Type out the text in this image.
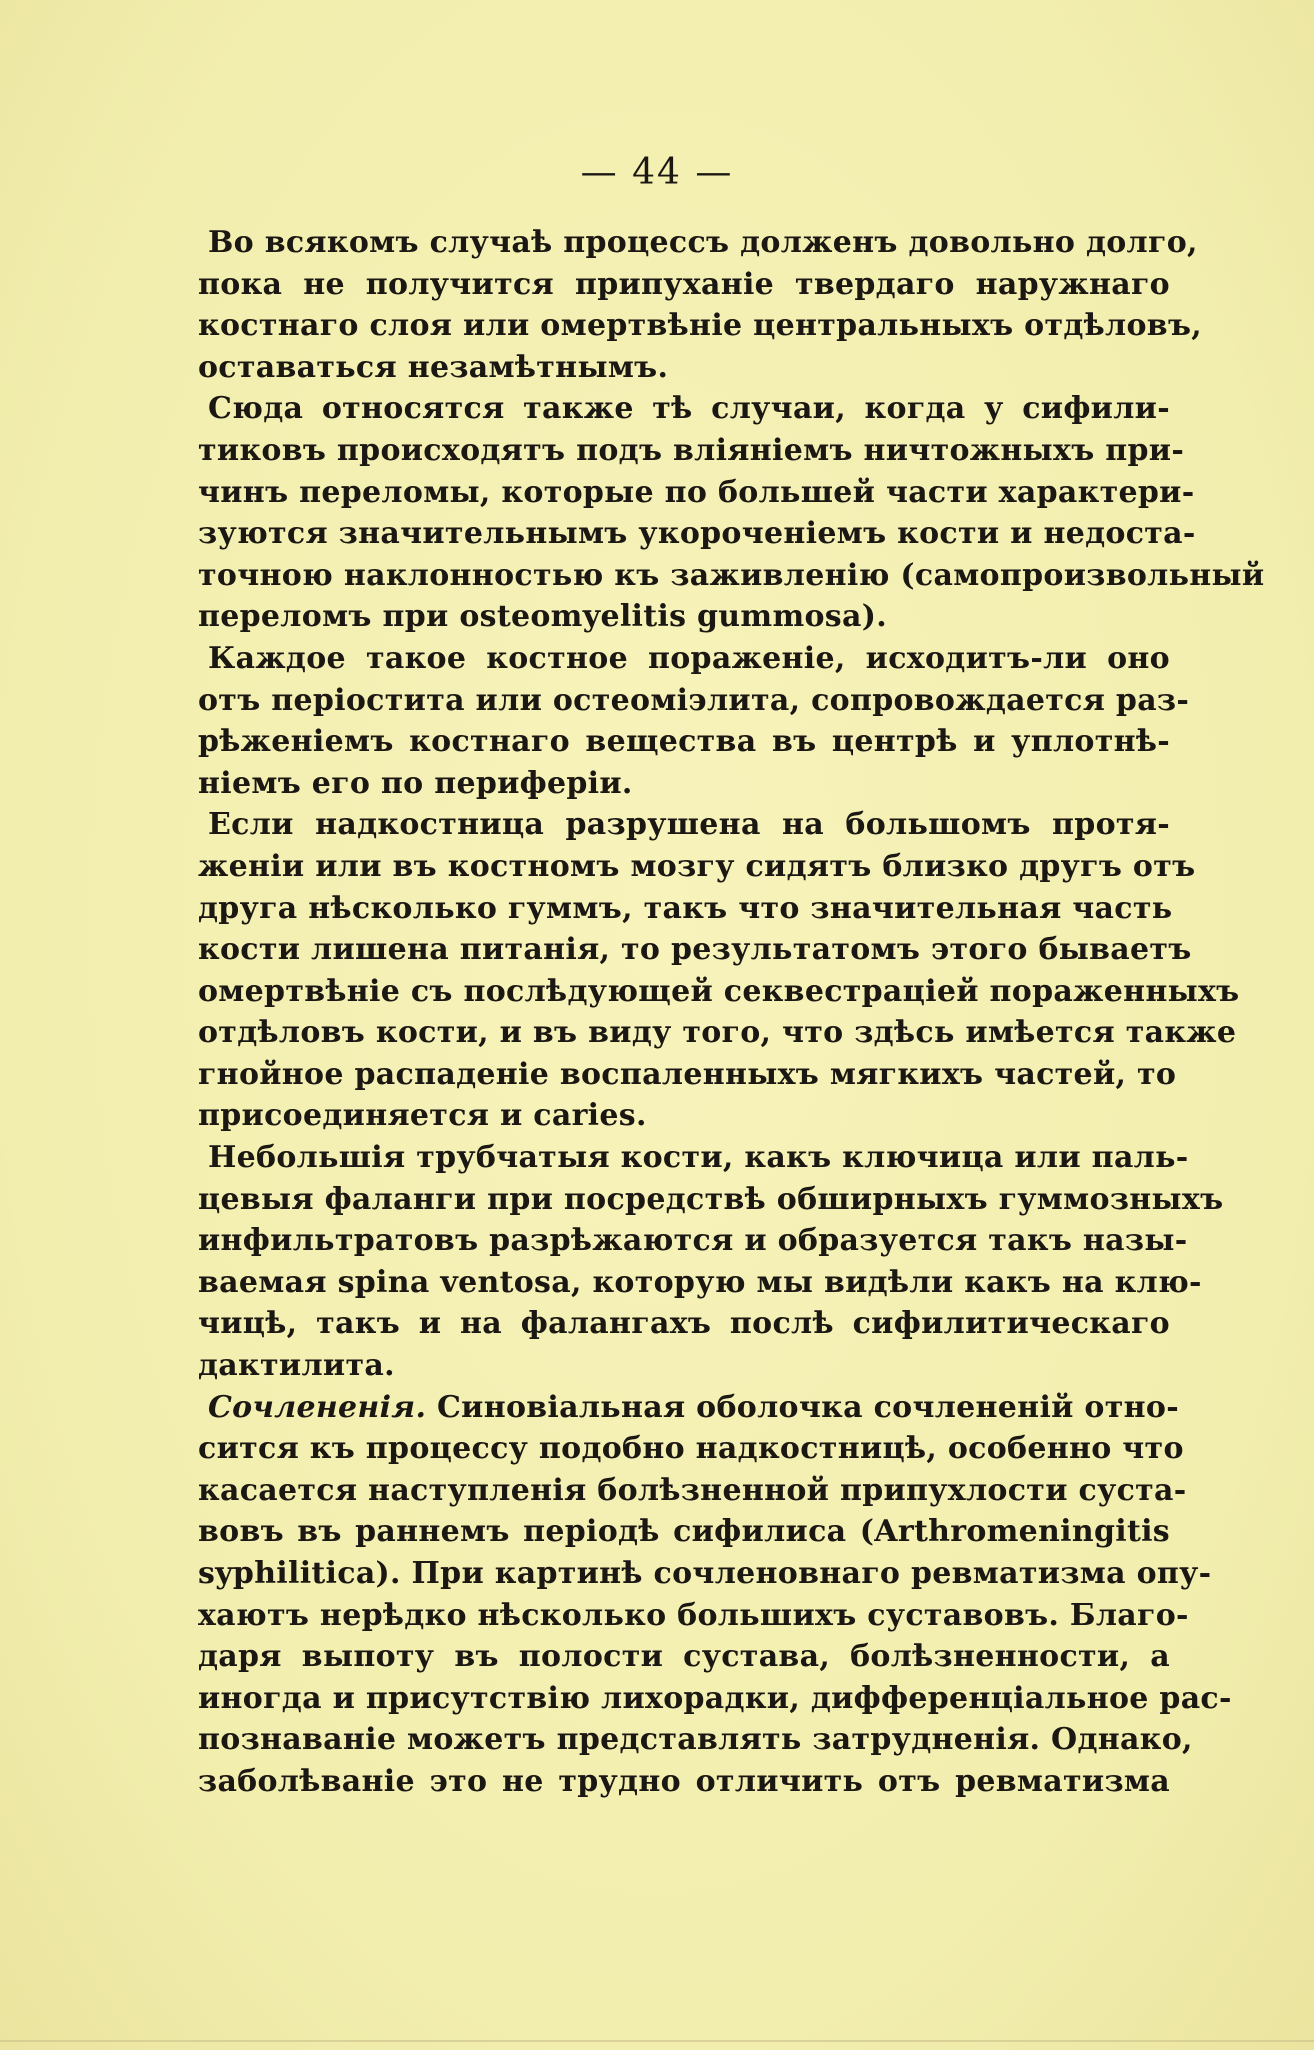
— 44 —
Во всякомъ случаѣ процессъ долженъ довольно долго,
пока не получится припуханіе твердаго наружнаго
костнаго слоя или омертвѣніе центральныхъ отдѣловъ,
оставаться незамѣтнымъ.
Сюда относятся также тѣ случаи, когда у сифили-
тиковъ происходятъ подъ вліяніемъ ничтожныхъ при-
чинъ переломы, которые по большей части характери-
зуются значительнымъ укороченіемъ кости и недоста-
точною наклонностью къ заживленію (самопроизвольный
переломъ при osteomyelitis gummosa).
Каждое такое костное пораженіе, исходитъ-ли оно
отъ періостита или остеоміэлита, сопровождается раз-
рѣженіемъ костнаго вещества въ центрѣ и уплотнѣ-
ніемъ его по периферіи.
Если надкостница разрушена на большомъ протя-
женіи или въ костномъ мозгу сидятъ близко другъ отъ
друга нѣсколько гуммъ, такъ что значительная часть
кости лишена питанія, то результатомъ этого бываетъ
омертвѣніе съ послѣдующей секвестраціей пораженныхъ
отдѣловъ кости, и въ виду того, что здѣсь имѣется также
гнойное распаденіе воспаленныхъ мягкихъ частей, то
присоединяется и caries.
Небольшія трубчатыя кости, какъ ключица или паль-
цевыя фаланги при посредствѣ обширныхъ гуммозныхъ
инфильтратовъ разрѣжаются и образуется такъ назы-
ваемая spina ventosa, которую мы видѣли какъ на клю-
чицѣ, такъ и на фалангахъ послѣ сифилитическаго
дактилита.
Сочлененія. Синовіальная оболочка сочлененій отно-
сится къ процессу подобно надкостницѣ, особенно что
касается наступленія болѣзненной припухлости суста-
вовъ въ раннемъ періодѣ сифилиса (Arthromeningitis
syphilitica). При картинѣ сочленовнаго ревматизма опу-
хаютъ нерѣдко нѣсколько большихъ суставовъ. Благо-
даря выпоту въ полости сустава, болѣзненности, а
иногда и присутствію лихорадки, дифференціальное рас-
познаваніе можетъ представлять затрудненія. Однако,
заболѣваніе это не трудно отличить отъ ревматизма
